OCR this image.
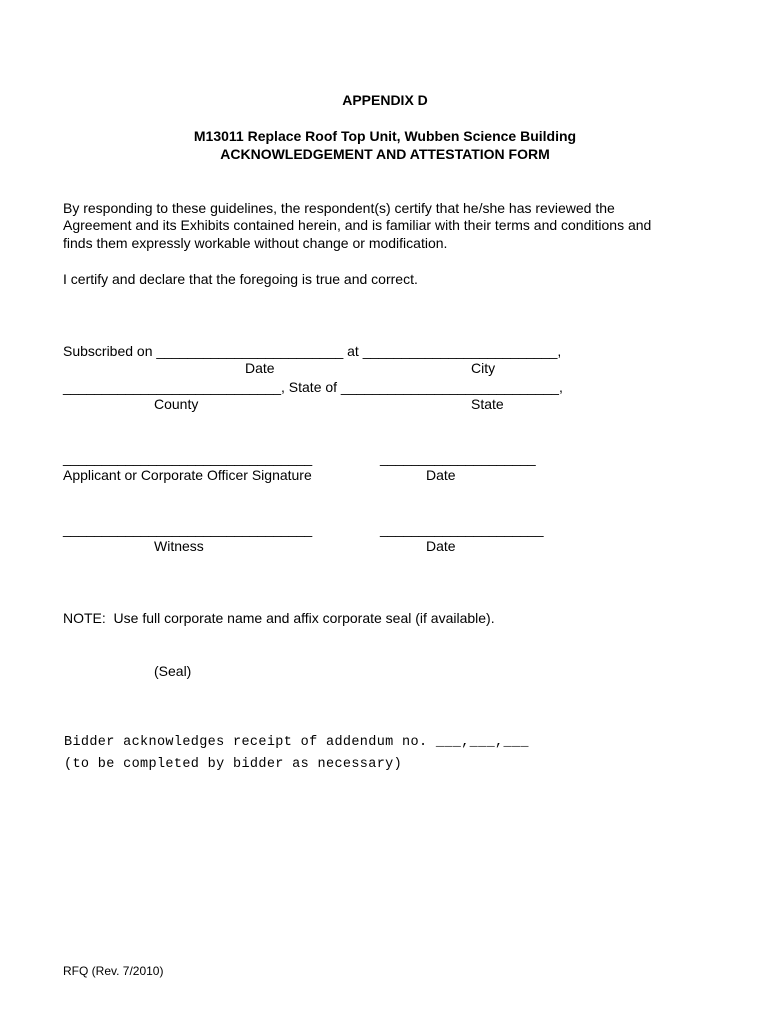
APPENDIX D
M13011 Replace Roof Top Unit, Wubben Science Building
ACKNOWLEDGEMENT AND ATTESTATION FORM
By responding to these guidelines, the respondent(s) certify that he/she has reviewed the
Agreement and its Exhibits contained herein, and is familiar with their terms and conditions and
finds them expressly workable without change or modification.
I certify and declare that the foregoing is true and correct.
Subscribed on ________________________ at _________________________,
Date	City
____________________________, State of ____________________________,
County	State
________________________________	____________________
Applicant or Corporate Officer Signature	Date
________________________________	_____________________
Witness	Date
NOTE:  Use full corporate name and affix corporate seal (if available).
(Seal)
Bidder acknowledges receipt of addendum no. ___,___,___
(to be completed by bidder as necessary)
RFQ (Rev. 7/2010)
